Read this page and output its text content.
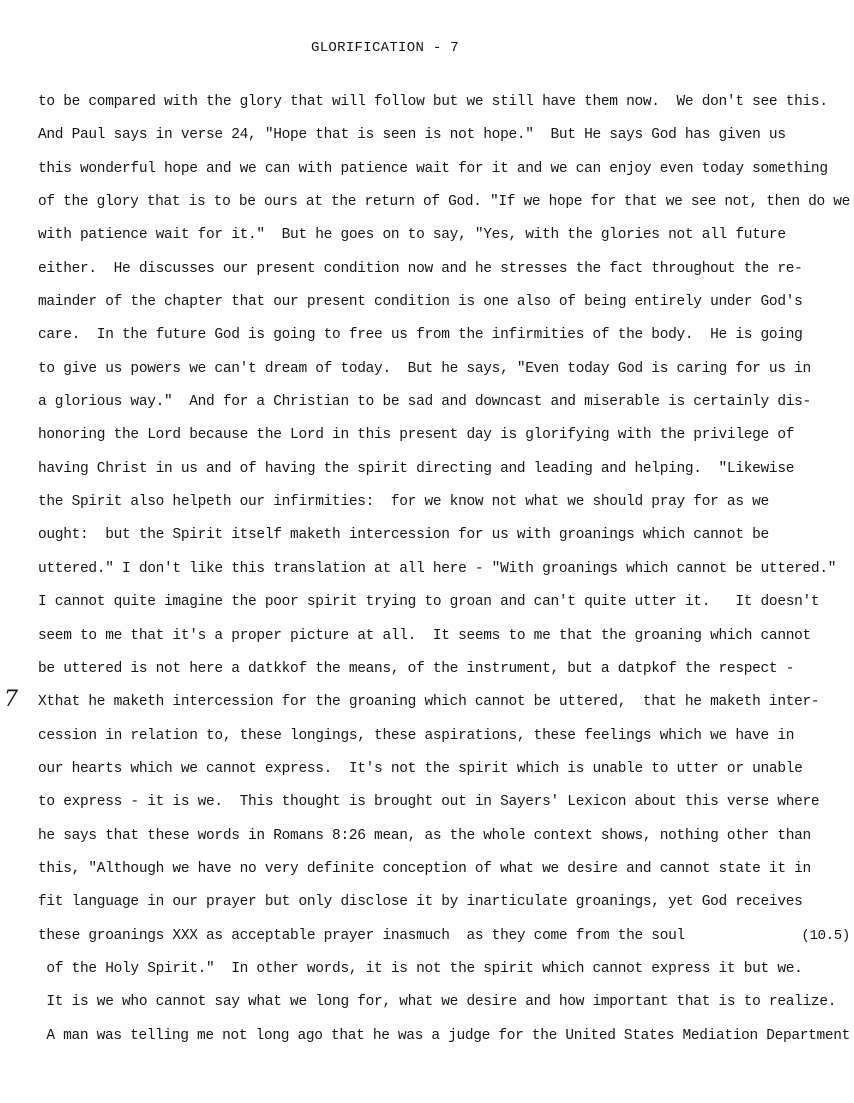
GLORIFICATION - 7
to be compared with the glory that will follow but we still have them now.  We don't see this.
And Paul says in verse 24, "Hope that is seen is not hope."  But He says God has given us
this wonderful hope and we can with patience wait for it and we can enjoy even today something
of the glory that is to be ours at the return of God. "If we hope for that we see not, then do we
with patience wait for it."  But he goes on to say, "Yes, with the glories not all future
either.  He discusses our present condition now and he stresses the fact throughout the re-
mainder of the chapter that our present condition is one also of being entirely under God's
care.  In the future God is going to free us from the infirmities of the body.  He is going
to give us powers we can't dream of today.  But he says, "Even today God is caring for us in
a glorious way."  And for a Christian to be sad and downcast and miserable is certainly dis-
honoring the Lord because the Lord in this present day is glorifying with the privilege of
having Christ in us and of having the spirit directing and leading and helping.  "Likewise
the Spirit also helpeth our infirmities:  for we know not what we should pray for as we
ought:  but the Spirit itself maketh intercession for us with groanings which cannot be
uttered." I don't like this translation at all here - "With groanings which cannot be uttered."
I cannot quite imagine the poor spirit trying to groan and can't quite utter it.   It doesn't
seem to me that it's a proper picture at all.  It seems to me that the groaning which cannot
be uttered is not here a datkkof the means, of the instrument, but a datpkof the respect -

7

Xthat he maketh intercession for the groaning which cannot be uttered,  that he maketh inter-

cession in relation to, these longings, these aspirations, these feelings which we have in
our hearts which we cannot express.  It's not the spirit which is unable to utter or unable
to express - it is we.  This thought is brought out in Sayers' Lexicon about this verse where
he says that these words in Romans 8:26 mean, as the whole context shows, nothing other than
this, "Although we have no very definite conception of what we desire and cannot state it in
fit language in our prayer but only disclose it by inarticulate groanings, yet God receives

these groanings XXX as acceptable prayer inasmuch  as they come from the soul

	(10.5)

of the Holy Spirit."  In other words, it is not the spirit which cannot express it but we.
It is we who cannot say what we long for, what we desire and how important that is to realize.
A man was telling me not long ago that he was a judge for the United States Mediation Department
